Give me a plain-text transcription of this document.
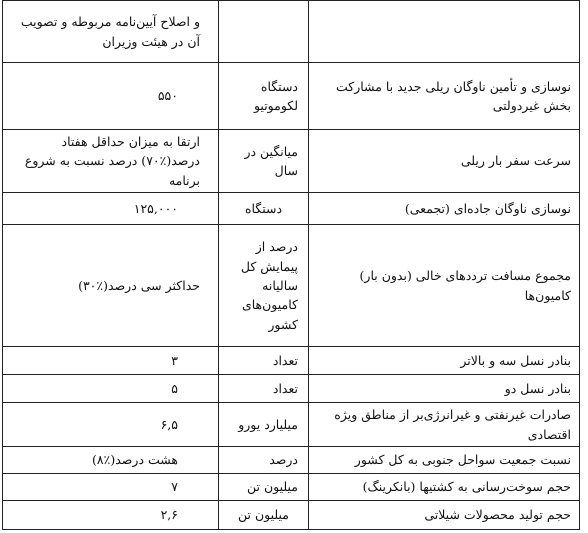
		و اصلاح آیین‌نامه مربوطه و تصویب آن در هیئت وزیران
نوسازی و تأمین ناوگان ریلی جدید با مشارکت بخش غیردولتی	دستگاه لکوموتیو	۵۵۰
سرعت سفر بار ریلی	میانگین در سال	ارتقا به میزان حداقل هفتاد درصد(٪۷۰) درصد نسبت به شروع برنامه
نوسازی ناوگان جاده‌ای (تجمعی)	دستگاه	۱۲۵,۰۰۰
مجموع مسافت ترددهای خالی (بدون بار) کامیون‌ها	درصد از پیمایش کل سالیانه کامیون‌های کشور	حداکثر سی درصد(٪۳۰)
بنادر نسل سه و بالاتر	تعداد	۳
بنادر نسل دو	تعداد	۵
صادرات غیرنفتی و غیرانرژی‌بر از مناطق ویژه اقتصادی	میلیارد یورو	۶,۵
نسبت جمعیت سواحل جنوبی به کل کشور	درصد	هشت درصد(٪۸)
حجم سوخت‌رسانی به کشتیها (بانکرینگ)	میلیون تن	۷
حجم تولید محصولات شیلاتی	میلیون تن	۲,۶
